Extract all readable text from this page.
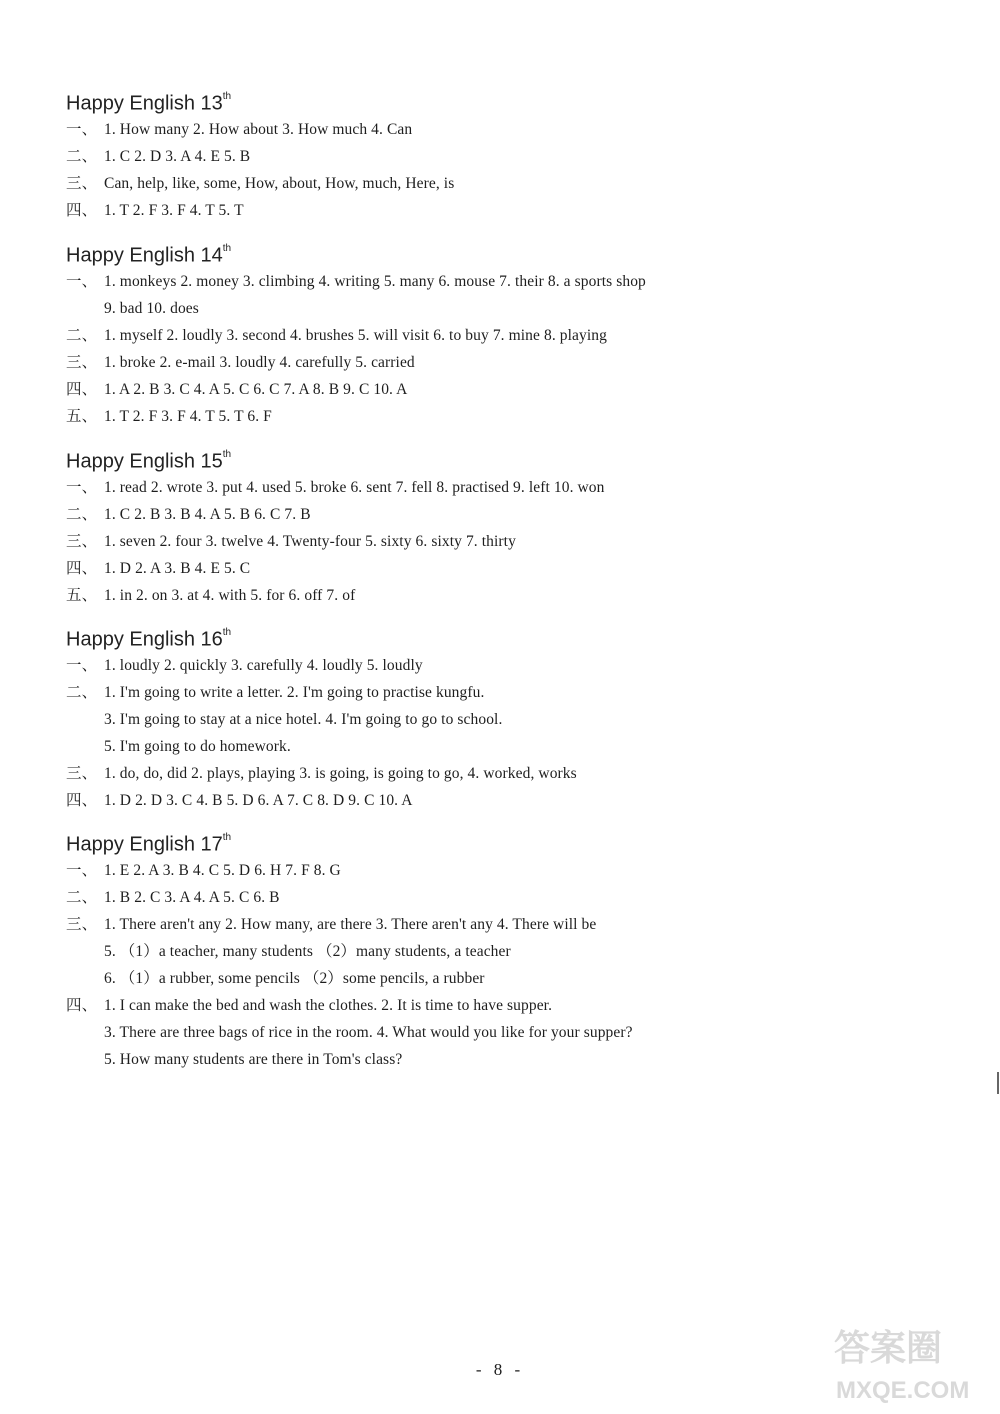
Happy English 13th
一、 1. How many 2. How about 3. How much 4. Can
二、 1. C 2. D 3. A 4. E 5. B
三、 Can, help, like, some, How, about, How, much, Here, is
四、 1. T 2. F 3. F 4. T 5. T
Happy English 14th
一、 1. monkeys 2. money 3. climbing 4. writing 5. many 6. mouse 7. their 8. a sports shop
9. bad 10. does
二、 1. myself 2. loudly 3. second 4. brushes 5. will visit 6. to buy 7. mine 8. playing
三、 1. broke 2. e-mail 3. loudly 4. carefully 5. carried
四、 1. A 2. B 3. C 4. A 5. C 6. C 7. A 8. B 9. C 10. A
五、 1. T 2. F 3. F 4. T 5. T 6. F
Happy English 15th
一、 1. read 2. wrote 3. put 4. used 5. broke 6. sent 7. fell 8. practised 9. left 10. won
二、 1. C 2. B 3. B 4. A 5. B 6. C 7. B
三、 1. seven 2. four 3. twelve 4. Twenty-four 5. sixty 6. sixty 7. thirty
四、 1. D 2. A 3. B 4. E 5. C
五、 1. in 2. on 3. at 4. with 5. for 6. off 7. of
Happy English 16th
一、 1. loudly 2. quickly 3. carefully 4. loudly 5. loudly
二、 1. I'm going to write a letter. 2. I'm going to practise kungfu.
3. I'm going to stay at a nice hotel. 4. I'm going to go to school.
5. I'm going to do homework.
三、 1. do, do, did 2. plays, playing 3. is going, is going to go, 4. worked, works
四、 1. D 2. D 3. C 4. B 5. D 6. A 7. C 8. D 9. C 10. A
Happy English 17th
一、 1. E 2. A 3. B 4. C 5. D 6. H 7. F 8. G
二、 1. B 2. C 3. A 4. A 5. C 6. B
三、 1. There aren't any 2. How many, are there 3. There aren't any 4. There will be
5. （1）a teacher, many students （2）many students, a teacher
6. （1）a rubber, some pencils （2）some pencils, a rubber
四、 1. I can make the bed and wash the clothes. 2. It is time to have supper.
3. There are three bags of rice in the room. 4. What would you like for your supper?
5. How many students are there in Tom's class?
- 8 -
答案圈
MXQE.COM
